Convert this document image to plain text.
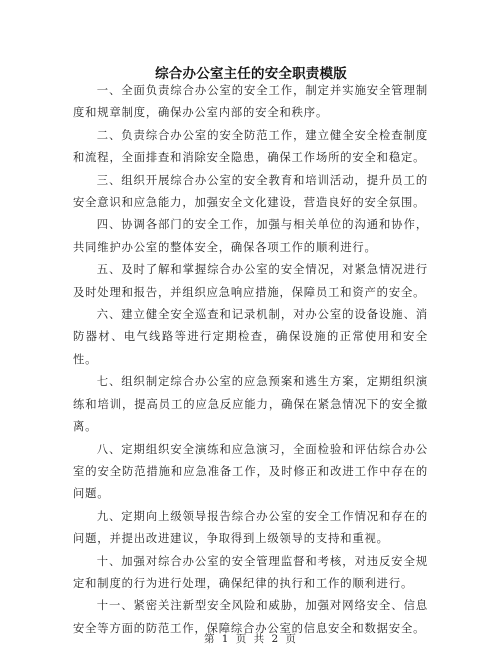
综合办公室主任的安全职责模版

一、全面负责综合办公室的安全工作，制定并实施安全管理制度和规章制度，确保办公室内部的安全和秩序。

二、负责综合办公室的安全防范工作，建立健全安全检查制度和流程，全面排查和消除安全隐患，确保工作场所的安全和稳定。

三、组织开展综合办公室的安全教育和培训活动，提升员工的安全意识和应急能力，加强安全文化建设，营造良好的安全氛围。

四、协调各部门的安全工作，加强与相关单位的沟通和协作，共同维护办公室的整体安全，确保各项工作的顺利进行。

五、及时了解和掌握综合办公室的安全情况，对紧急情况进行及时处理和报告，并组织应急响应措施，保障员工和资产的安全。

六、建立健全安全巡查和记录机制，对办公室的设备设施、消防器材、电气线路等进行定期检查，确保设施的正常使用和安全性。

七、组织制定综合办公室的应急预案和逃生方案，定期组织演练和培训，提高员工的应急反应能力，确保在紧急情况下的安全撤离。

八、定期组织安全演练和应急演习，全面检验和评估综合办公室的安全防范措施和应急准备工作，及时修正和改进工作中存在的问题。

九、定期向上级领导报告综合办公室的安全工作情况和存在的问题，并提出改进建议，争取得到上级领导的支持和重视。

十、加强对综合办公室的安全管理监督和考核，对违反安全规定和制度的行为进行处理，确保纪律的执行和工作的顺利进行。

十一、紧密关注新型安全风险和威胁，加强对网络安全、信息安全等方面的防范工作，保障综合办公室的信息安全和数据安全。

第 1 页 共 2 页
